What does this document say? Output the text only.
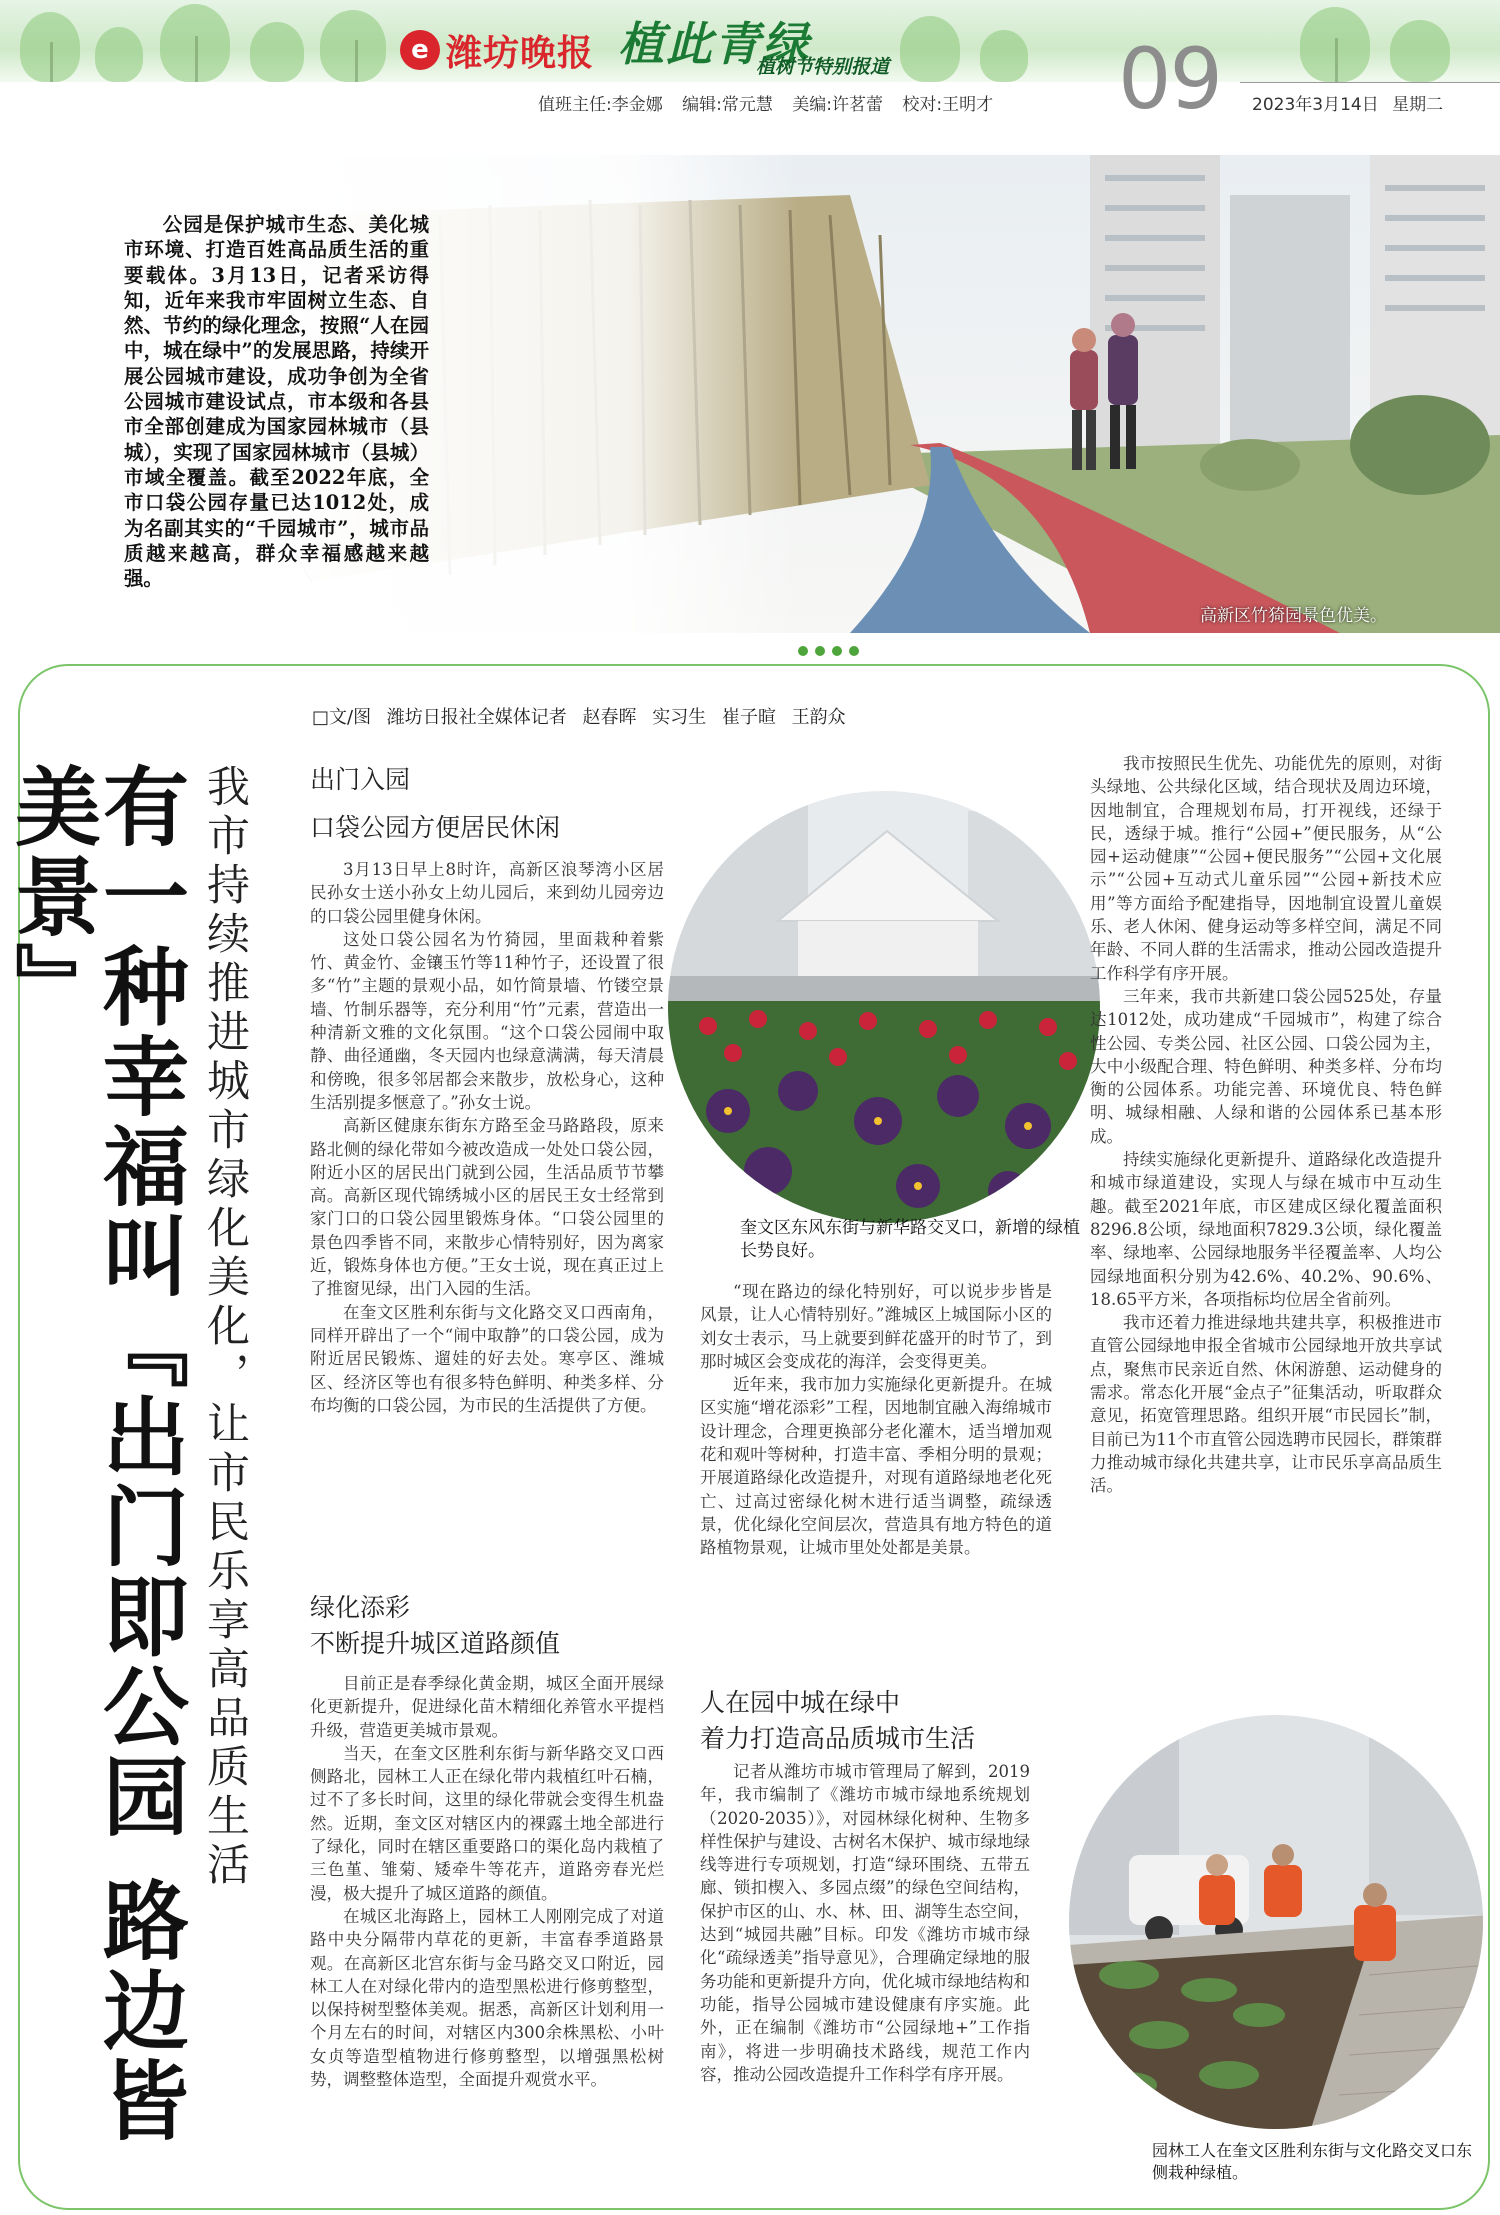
e 潍坊晚报 植此青绿
植树节特别报道	09
值班主任:李金娜 编辑:常元慧 美编:许茗蕾 校对:王明才	2023年3月14日 星期二
公园是保护城市生态、美化城市环境、打造百姓高品质生活的重要载体。3月13日，记者采访得知，近年来我市牢固树立生态、自然、节约的绿化理念，按照“人在园中，城在绿中”的发展思路，持续开展公园城市建设，成功争创为全省公园城市建设试点，市本级和各县市全部创建成为国家园林城市（县城），实现了国家园林城市（县城）市域全覆盖。截至2022年底，全市口袋公园存量已达1012处，成为名副其实的“千园城市”，城市品质越来越高，群众幸福感越来越强。
高新区竹猗园景色优美。
□文/图 潍坊日报社全媒体记者 赵春晖 实习生 崔子暄 王韵众
有一种幸福叫『出门即公园 路边皆美景』	我市持续推进城市绿化美化，让市民乐享高品质生活 出门入园
口袋公园方便居民休闲

3月13日早上8时许，高新区浪琴湾小区居民孙女士送小孙女上幼儿园后，来到幼儿园旁边的口袋公园里健身休闲。

这处口袋公园名为竹猗园，里面栽种着紫竹、黄金竹、金镶玉竹等11种竹子，还设置了很多“竹”主题的景观小品，如竹简景墙、竹镂空景墙、竹制乐器等，充分利用“竹”元素，营造出一种清新文雅的文化氛围。“这个口袋公园闹中取静、曲径通幽，冬天园内也绿意满满，每天清晨和傍晚，很多邻居都会来散步，放松身心，这种生活别提多惬意了。”孙女士说。

高新区健康东街东方路至金马路路段，原来路北侧的绿化带如今被改造成一处处口袋公园，附近小区的居民出门就到公园，生活品质节节攀高。高新区现代锦绣城小区的居民王女士经常到家门口的口袋公园里锻炼身体。“口袋公园里的景色四季皆不同，来散步心情特别好，因为离家近，锻炼身体也方便。”王女士说，现在真正过上了推窗见绿，出门入园的生活。

在奎文区胜利东街与文化路交叉口西南角，同样开辟出了一个“闹中取静”的口袋公园，成为附近居民锻炼、遛娃的好去处。寒亭区、潍城区、经济区等也有很多特色鲜明、种类多样、分布均衡的口袋公园，为市民的生活提供了方便。

绿化添彩
不断提升城区道路颜值

目前正是春季绿化黄金期，城区全面开展绿化更新提升，促进绿化苗木精细化养管水平提档升级，营造更美城市景观。

当天，在奎文区胜利东街与新华路交叉口西侧路北，园林工人正在绿化带内栽植红叶石楠，过不了多长时间，这里的绿化带就会变得生机盎然。近期，奎文区对辖区内的裸露土地全部进行了绿化，同时在辖区重要路口的渠化岛内栽植了三色堇、雏菊、矮牵牛等花卉，道路旁春光烂漫，极大提升了城区道路的颜值。

在城区北海路上，园林工人刚刚完成了对道路中央分隔带内草花的更新，丰富春季道路景观。在高新区北宫东街与金马路交叉口附近，园林工人在对绿化带内的造型黑松进行修剪整型，以保持树型整体美观。据悉，高新区计划利用一个月左右的时间，对辖区内300余株黑松、小叶女贞等造型植物进行修剪整型，以增强黑松树势，调整整体造型，全面提升观赏水平。

奎文区东风东街与新华路交叉口，新增的绿植长势良好。

“现在路边的绿化特别好，可以说步步皆是风景，让人心情特别好。”潍城区上城国际小区的刘女士表示，马上就要到鲜花盛开的时节了，到那时城区会变成花的海洋，会变得更美。

近年来，我市加力实施绿化更新提升。在城区实施“增花添彩”工程，因地制宜融入海绵城市设计理念，合理更换部分老化灌木，适当增加观花和观叶等树种，打造丰富、季相分明的景观；开展道路绿化改造提升，对现有道路绿地老化死亡、过高过密绿化树木进行适当调整，疏绿透景，优化绿化空间层次，营造具有地方特色的道路植物景观，让城市里处处都是美景。

人在园中城在绿中
着力打造高品质城市生活

记者从潍坊市城市管理局了解到，2019年，我市编制了《潍坊市城市绿地系统规划（2020-2035）》，对园林绿化树种、生物多样性保护与建设、古树名木保护、城市绿地绿线等进行专项规划，打造“绿环围绕、五带五廊、锁扣楔入、多园点缀”的绿色空间结构，保护市区的山、水、林、田、湖等生态空间，达到“城园共融”目标。印发《潍坊市城市绿化“疏绿透美”指导意见》，合理确定绿地的服务功能和更新提升方向，优化城市绿地结构和功能，指导公园城市建设健康有序实施。此外，正在编制《潍坊市“公园绿地+”工作指南》，将进一步明确技术路线，规范工作内容，推动公园改造提升工作科学有序开展。

我市按照民生优先、功能优先的原则，对街头绿地、公共绿化区域，结合现状及周边环境，因地制宜，合理规划布局，打开视线，还绿于民，透绿于城。推行“公园+”便民服务，从“公园+运动健康”“公园+便民服务”“公园+文化展示”“公园+互动式儿童乐园”“公园+新技术应用”等方面给予配建指导，因地制宜设置儿童娱乐、老人休闲、健身运动等多样空间，满足不同年龄、不同人群的生活需求，推动公园改造提升工作科学有序开展。

三年来，我市共新建口袋公园525处，存量达1012处，成功建成“千园城市”，构建了综合性公园、专类公园、社区公园、口袋公园为主，大中小级配合理、特色鲜明、种类多样、分布均衡的公园体系。功能完善、环境优良、特色鲜明、城绿相融、人绿和谐的公园体系已基本形成。

持续实施绿化更新提升、道路绿化改造提升和城市绿道建设，实现人与绿在城市中互动生趣。截至2021年底，市区建成区绿化覆盖面积8296.8公顷，绿地面积7829.3公顷，绿化覆盖率、绿地率、公园绿地服务半径覆盖率、人均公园绿地面积分别为42.6%、40.2%、90.6%、18.65平方米，各项指标均位居全省前列。

我市还着力推进绿地共建共享，积极推进市直管公园绿地申报全省城市公园绿地开放共享试点，聚焦市民亲近自然、休闲游憩、运动健身的需求。常态化开展“金点子”征集活动，听取群众意见，拓宽管理思路。组织开展“市民园长”制，目前已为11个市直管公园选聘市民园长，群策群力推动城市绿化共建共享，让市民乐享高品质生活。

园林工人在奎文区胜利东街与文化路交叉口东侧栽种绿植。
